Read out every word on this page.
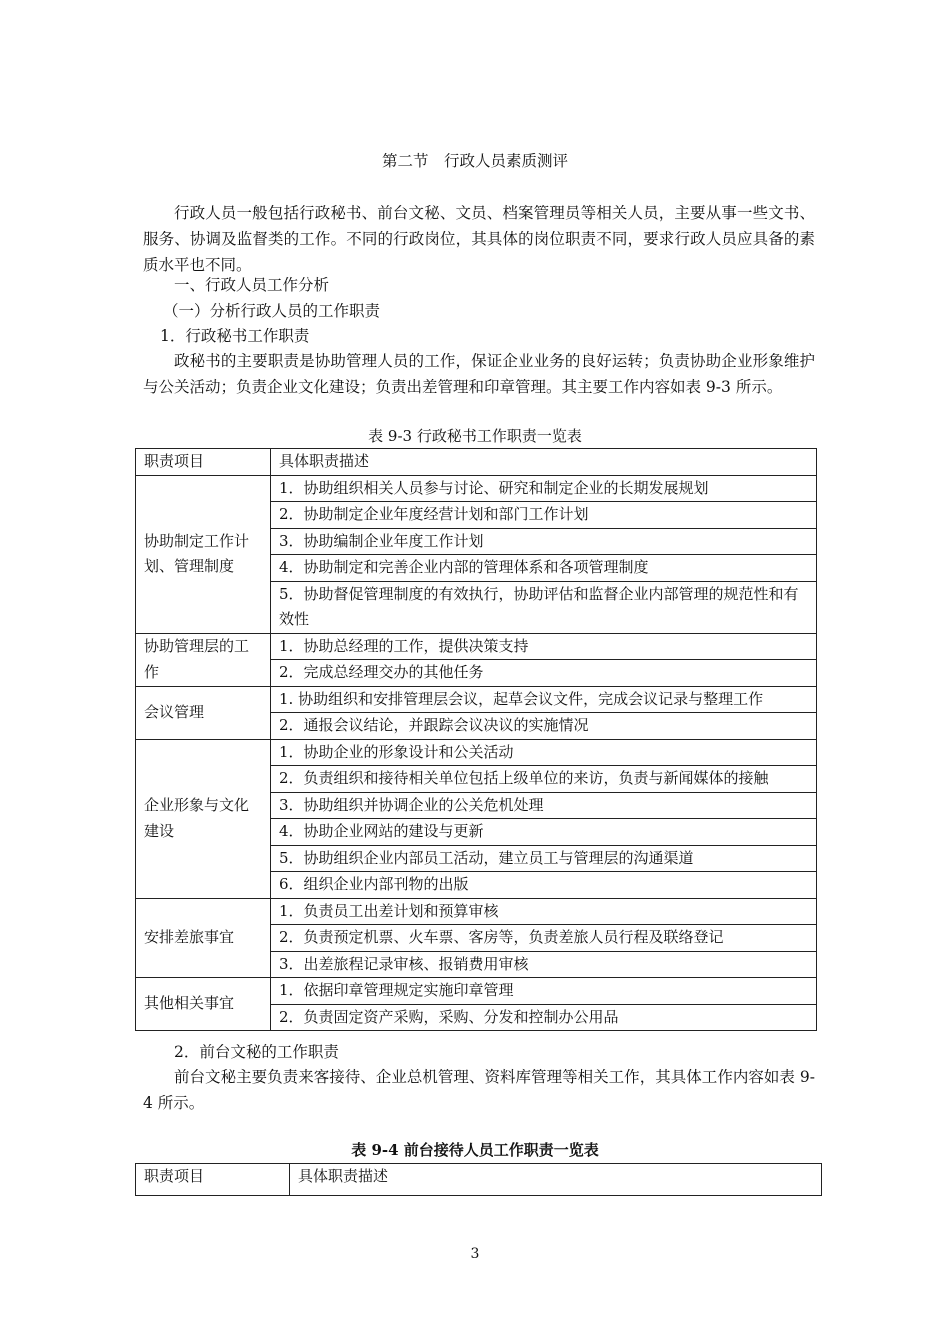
第二节　行政人员素质测评
行政人员一般包括行政秘书、前台文秘、文员、档案管理员等相关人员，主要从事一些文书、服务、协调及监督类的工作。不同的行政岗位，其具体的岗位职责不同，要求行政人员应具备的素质水平也不同。
一、行政人员工作分析
（一）分析行政人员的工作职责
1．行政秘书工作职责
政秘书的主要职责是协助管理人员的工作，保证企业业务的良好运转；负责协助企业形象维护与公关活动；负责企业文化建设；负责出差管理和印章管理。其主要工作内容如表 9-3 所示。
表 9-3 行政秘书工作职责一览表
职责项目	具体职责描述
协助制定工作计划、管理制度	1．协助组织相关人员参与讨论、研究和制定企业的长期发展规划
	2．协助制定企业年度经营计划和部门工作计划
	3．协助编制企业年度工作计划
	4．协助制定和完善企业内部的管理体系和各项管理制度
	5．协助督促管理制度的有效执行，协助评估和监督企业内部管理的规范性和有效性
协助管理层的工作	1．协助总经理的工作，提供决策支持
	2．完成总经理交办的其他任务
会议管理	1. 协助组织和安排管理层会议，起草会议文件，完成会议记录与整理工作
	2．通报会议结论，并跟踪会议决议的实施情况
企业形象与文化建设	1．协助企业的形象设计和公关活动
	2．负责组织和接待相关单位包括上级单位的来访，负责与新闻媒体的接触
	3．协助组织并协调企业的公关危机处理
	4．协助企业网站的建设与更新
	5．协助组织企业内部员工活动，建立员工与管理层的沟通渠道
	6．组织企业内部刊物的出版
安排差旅事宜	1．负责员工出差计划和预算审核
	2．负责预定机票、火车票、客房等，负责差旅人员行程及联络登记
	3．出差旅程记录审核、报销费用审核
其他相关事宜	1．依据印章管理规定实施印章管理
	2．负责固定资产采购，采购、分发和控制办公用品
2．前台文秘的工作职责
前台文秘主要负责来客接待、企业总机管理、资料库管理等相关工作，其具体工作内容如表 9-4 所示。
表 9-4 前台接待人员工作职责一览表
职责项目	具体职责描述
3
